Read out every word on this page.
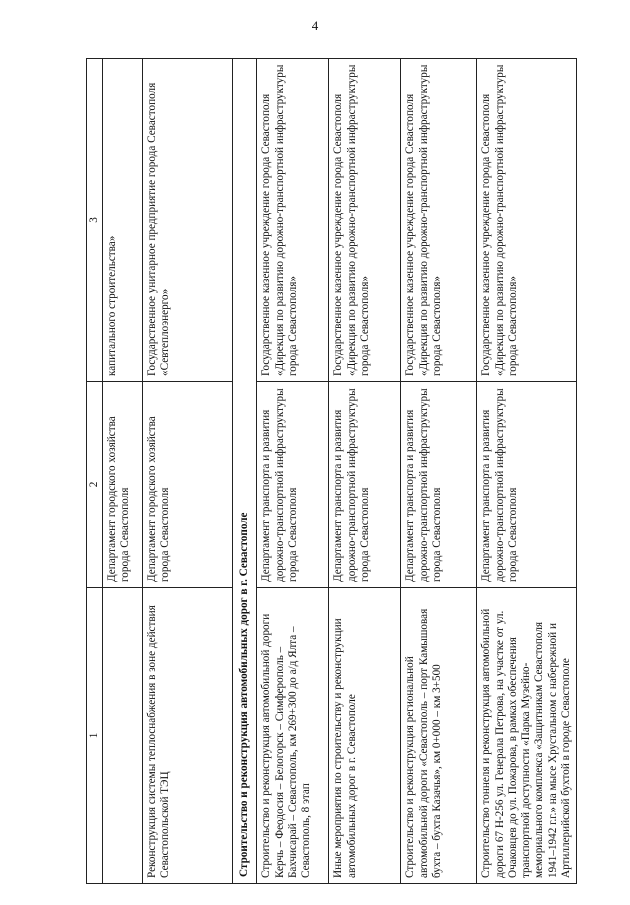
4
1	2	3
	Департамент городского хозяйства города Севастополя	капитального строительства»
Реконструкция системы теплоснабжения в зоне действия Севастопольской ТЭЦ	Департамент городского хозяйства города Севастополя	Государственное унитарное предприятие города Севастополя «Севтеплоэнерго»
Строительство и реконструкция автомобильных дорог в г. Севастополе		
Строительство и реконструкция автомобильной дороги Керчь – Феодосия – Белогорск – Симферополь – Бахчисарай – Севастополь, км 269+300 до а/д Ялта – Севастополь, 8 этап	Департамент транспорта и развития дорожно-транспортной инфраструктуры города Севастополя	Государственное казенное учреждение города Севастополя «Дирекция по развитию дорожно-транспортной инфраструктуры города Севастополя»
Иные мероприятия по строительству и реконструкции автомобильных дорог в г. Севастополе	Департамент транспорта и развития дорожно-транспортной инфраструктуры города Севастополя	Государственное казенное учреждение города Севастополя «Дирекция по развитию дорожно-транспортной инфраструктуры города Севастополя»
Строительство и реконструкция региональной автомобильной дороги «Севастополь – порт Камышовая бухта – бухта Казачья», км 0+000 – км 3+500	Департамент транспорта и развития дорожно-транспортной инфраструктуры города Севастополя	Государственное казенное учреждение города Севастополя «Дирекция по развитию дорожно-транспортной инфраструктуры города Севастополя»
Строительство тоннеля и реконструкция автомобильной дороги 67 Н-256 ул. Генерала Петрова, на участке от ул. Очаковцев до ул. Пожарова, в рамках обеспечения транспортной доступности «Парка Музейно-мемориального комплекса «Защитникам Севастополя 1941–1942 г.г.» на мысе Хрустальном с набережной и Артиллерийской бухтой в городе Севастополе	Департамент транспорта и развития дорожно-транспортной инфраструктуры города Севастополя	Государственное казенное учреждение города Севастополя «Дирекция по развитию дорожно-транспортной инфраструктуры города Севастополя»
